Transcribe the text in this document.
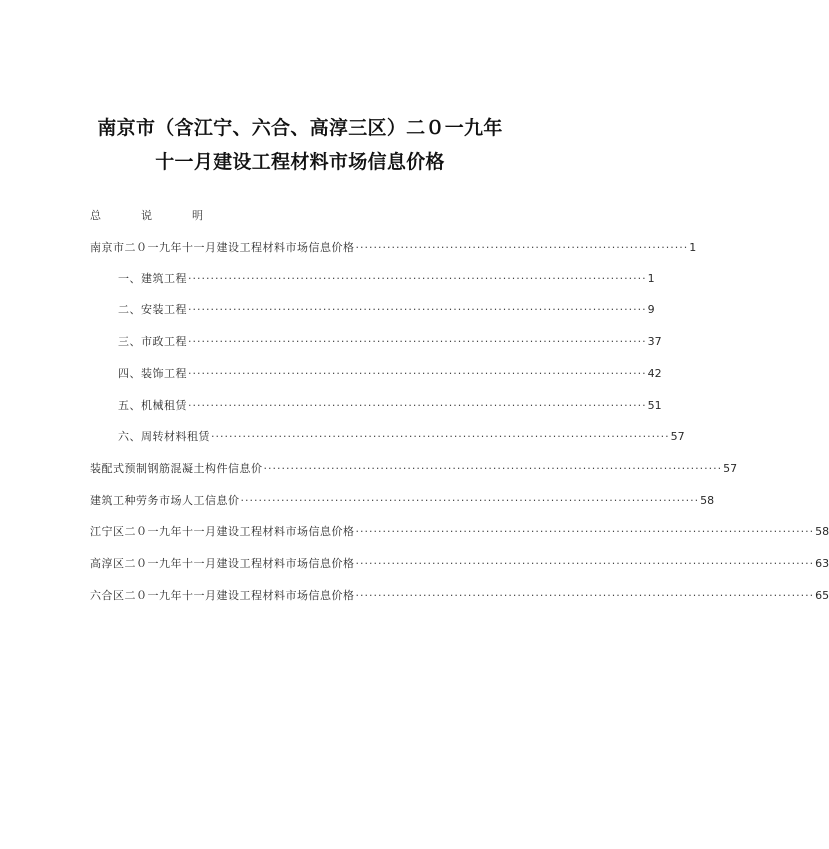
南京市（含江宁、六合、高淳三区）二０一九年
十一月建设工程材料市场信息价格
总	说	明
南京市二０一九年十一月建设工程材料市场信息价格 ·········································································· 1
一、建筑工程 ······································································································ 1
二、安装工程 ······································································································ 9
三、市政工程 ······································································································ 37
四、装饰工程 ······································································································ 42
五、机械租赁 ······································································································ 51
六、周转材料租赁 ······································································································ 57
装配式预制钢筋混凝土构件信息价 ······································································································ 57
建筑工种劳务市场人工信息价 ······································································································ 58
江宁区二０一九年十一月建设工程材料市场信息价格 ······································································································ 58
高淳区二０一九年十一月建设工程材料市场信息价格 ······································································································ 63
六合区二０一九年十一月建设工程材料市场信息价格 ······································································································ 65
